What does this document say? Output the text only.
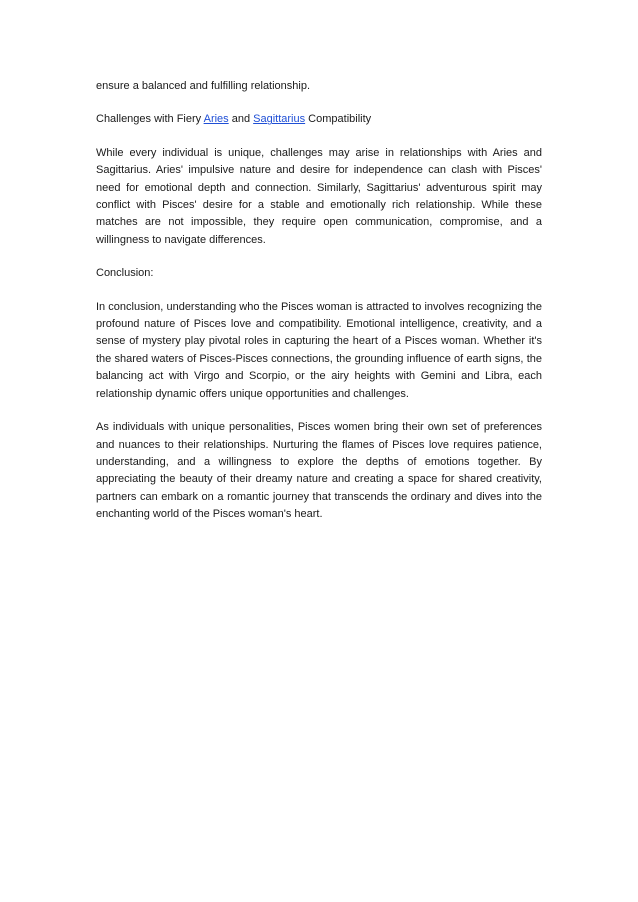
ensure a balanced and fulfilling relationship.

Challenges with Fiery Aries and Sagittarius Compatibility

While every individual is unique, challenges may arise in relationships with Aries and Sagittarius. Aries' impulsive nature and desire for independence can clash with Pisces' need for emotional depth and connection. Similarly, Sagittarius' adventurous spirit may conflict with Pisces' desire for a stable and emotionally rich relationship. While these matches are not impossible, they require open communication, compromise, and a willingness to navigate differences.

Conclusion:

In conclusion, understanding who the Pisces woman is attracted to involves recognizing the profound nature of Pisces love and compatibility. Emotional intelligence, creativity, and a sense of mystery play pivotal roles in capturing the heart of a Pisces woman. Whether it's the shared waters of Pisces-Pisces connections, the grounding influence of earth signs, the balancing act with Virgo and Scorpio, or the airy heights with Gemini and Libra, each relationship dynamic offers unique opportunities and challenges.

As individuals with unique personalities, Pisces women bring their own set of preferences and nuances to their relationships. Nurturing the flames of Pisces love requires patience, understanding, and a willingness to explore the depths of emotions together. By appreciating the beauty of their dreamy nature and creating a space for shared creativity, partners can embark on a romantic journey that transcends the ordinary and dives into the enchanting world of the Pisces woman's heart.
